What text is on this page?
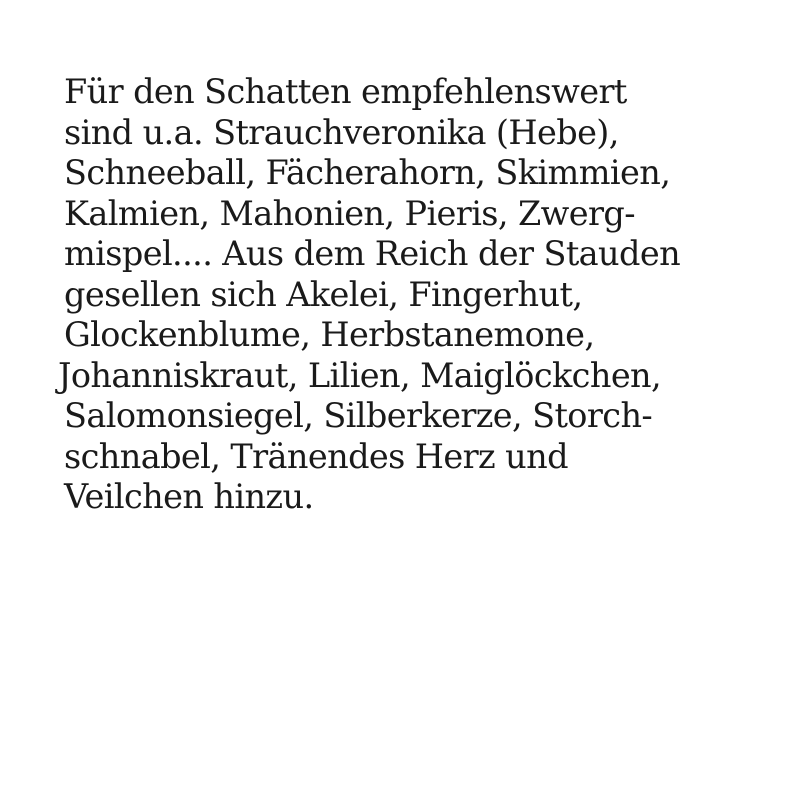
Für den Schatten empfehlenswert
sind u.a. Strauchveronika (Hebe),
Schneeball, Fächerahorn, Skimmien,
Kalmien, Mahonien, Pieris, Zwerg-
mispel.... Aus dem Reich der Stauden
gesellen sich Akelei, Fingerhut,
Glockenblume, Herbstanemone,
Johanniskraut, Lilien, Maiglöckchen,
Salomonsiegel, Silberkerze, Storch-
schnabel, Tränendes Herz und
Veilchen hinzu.
